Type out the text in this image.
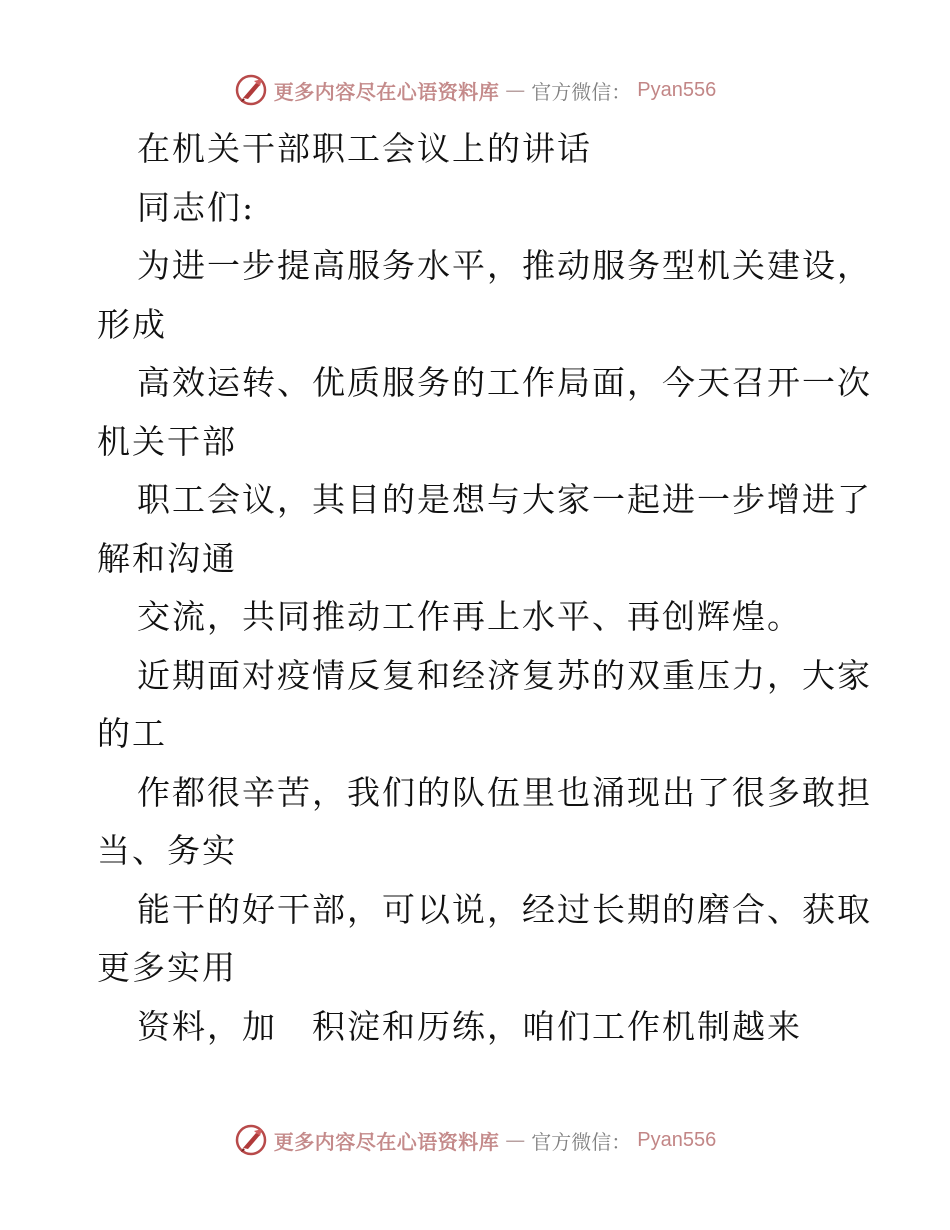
更多内容尽在心语资料库 — 官方微信： Pyan556
在机关干部职工会议上的讲话
同志们:
为进一步提高服务水平，推动服务型机关建设，
形成
高效运转、优质服务的工作局面，今天召开一次
机关干部
职工会议，其目的是想与大家一起进一步增进了
解和沟通
交流，共同推动工作再上水平、再创辉煌。
近期面对疫情反复和经济复苏的双重压力，大家
的工
作都很辛苦，我们的队伍里也涌现出了很多敢担
当、务实
能干的好干部，可以说，经过长期的磨合、获取
更多实用
资料，加　积淀和历练，咱们工作机制越来
更多内容尽在心语资料库 — 官方微信： Pyan556
